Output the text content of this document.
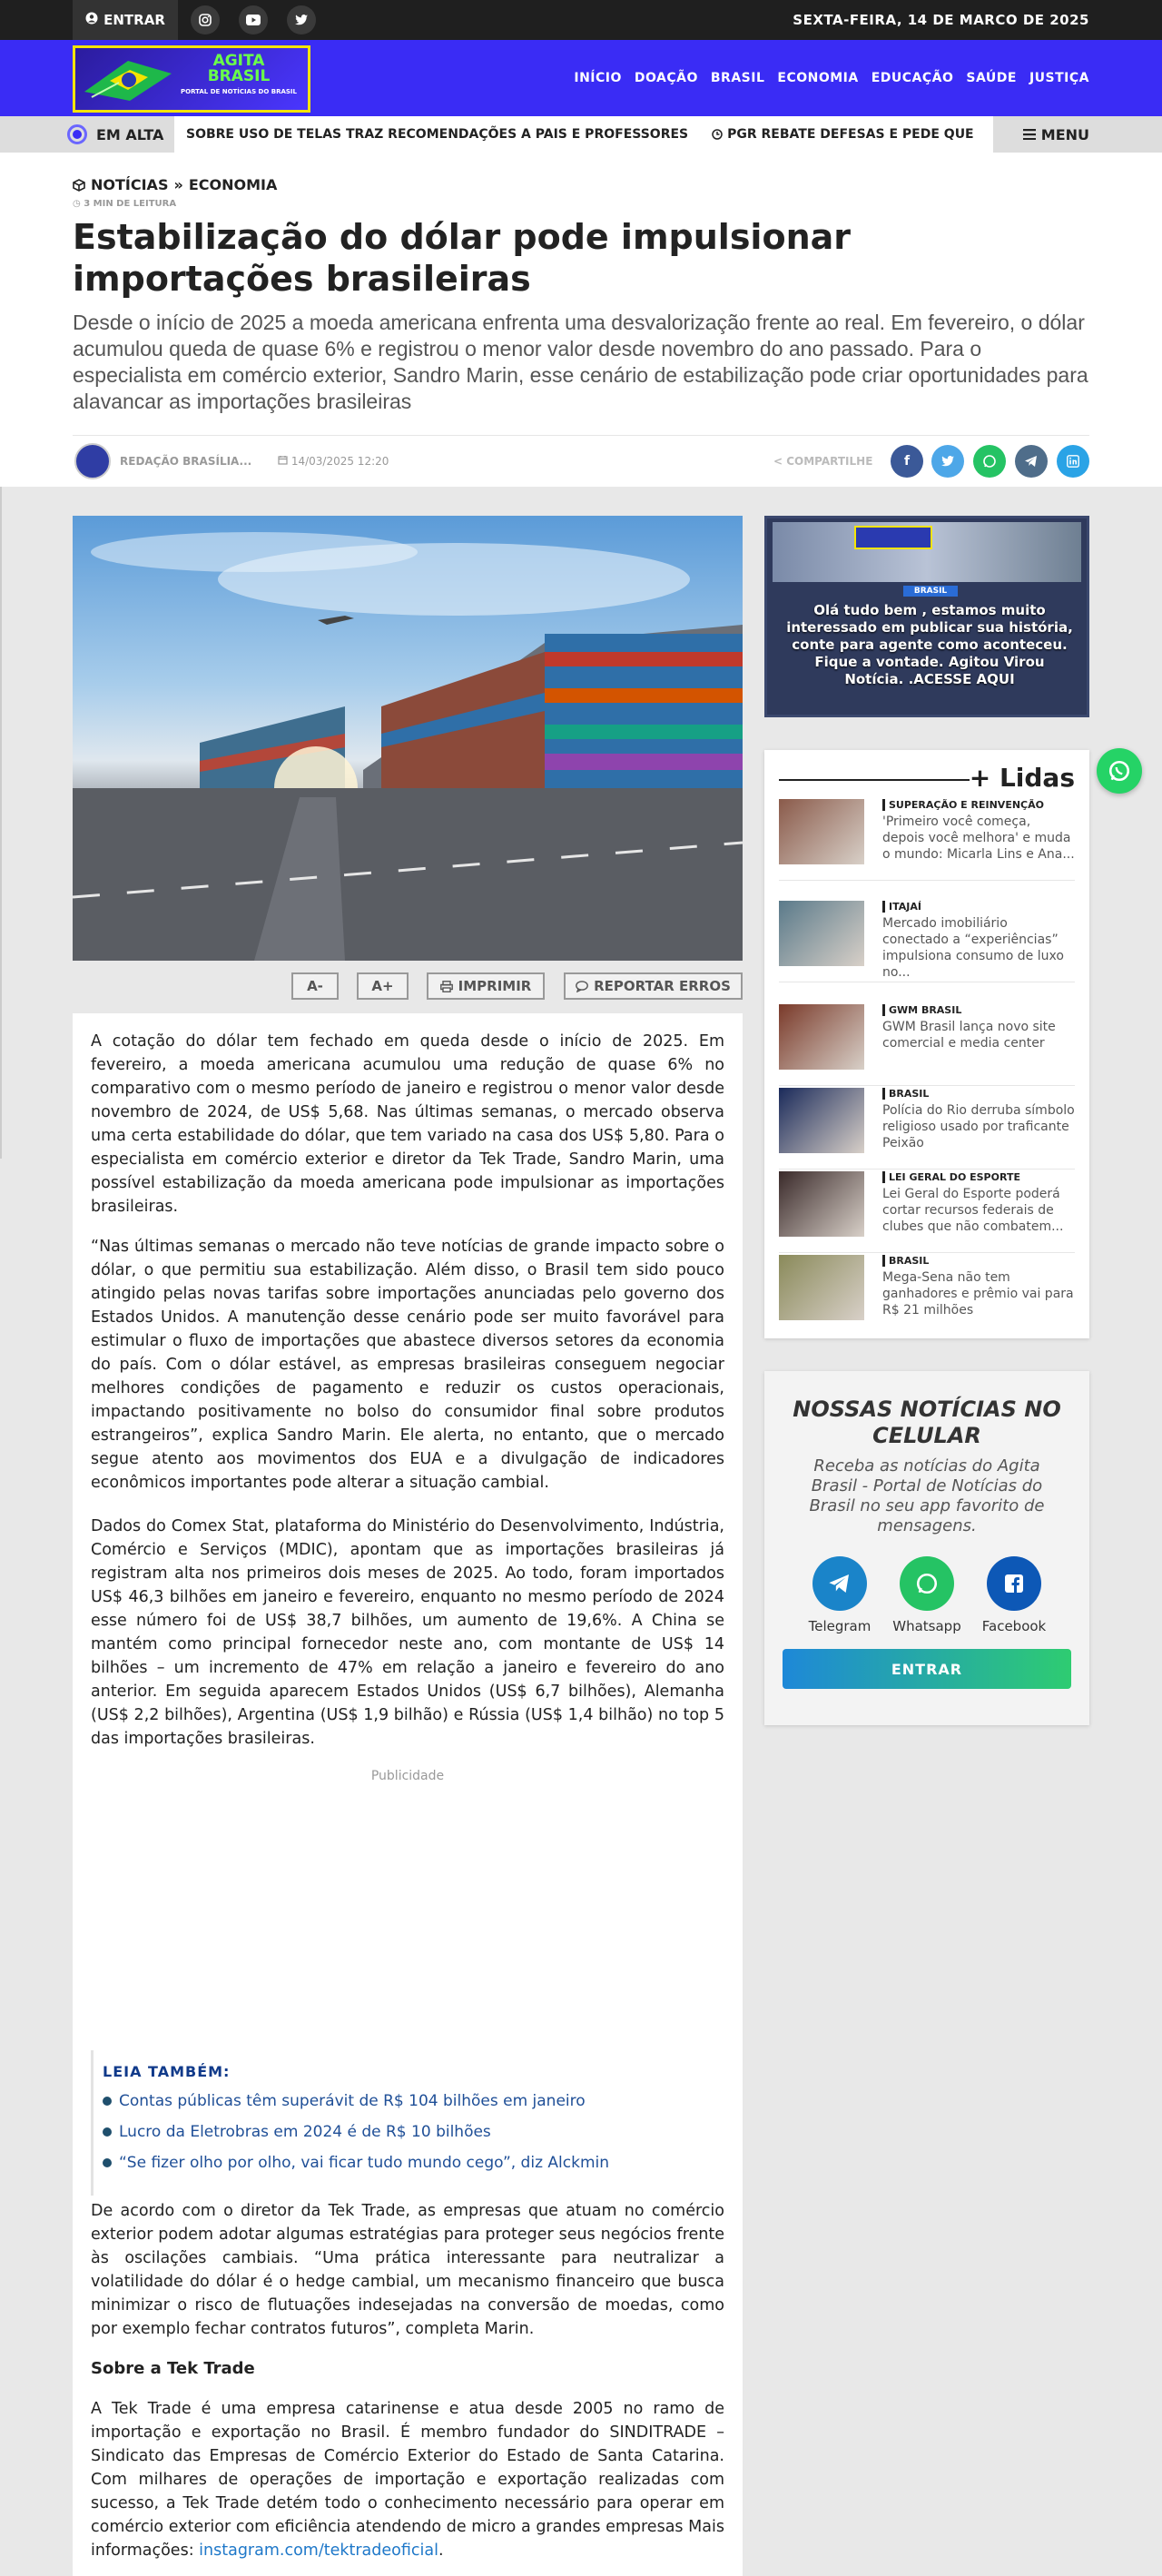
ENTRAR	SEXTA-FEIRA, 14 DE MARCO DE 2025
AGITA
BRASIL
PORTAL DE NOTÍCIAS DO BRASIL
INÍCIO DOAÇÃO BRASIL ECONOMIA EDUCAÇÃO SAÚDE JUSTIÇA
EM ALTA SOBRE USO DE TELAS TRAZ RECOMENDAÇÕES A PAIS E PROFESSORES	PGR REBATE DEFESAS E PEDE QUE	MENU
NOTÍCIAS » ECONOMIA
◷ 3 MIN DE LEITURA
Estabilização do dólar pode impulsionar importações brasileiras

Desde o início de 2025 a moeda americana enfrenta uma desvalorização frente ao real. Em fevereiro, o dólar acumulou queda de quase 6% e registrou o menor valor desde novembro do ano passado. Para o especialista em comércio exterior, Sandro Marin, esse cenário de estabilização pode criar oportunidades para alavancar as importações brasileiras

REDAÇÃO BRASÍLIA...	14/03/2025 12:20	< COMPARTILHE	f
A-	A+	IMPRIMIR	REPORTAR ERROS

A cotação do dólar tem fechado em queda desde o início de 2025. Em fevereiro, a moeda americana acumulou uma redução de quase 6% no comparativo com o mesmo período de janeiro e registrou o menor valor desde novembro de 2024, de US$ 5,68. Nas últimas semanas, o mercado observa uma certa estabilidade do dólar, que tem variado na casa dos US$ 5,80. Para o especialista em comércio exterior e diretor da Tek Trade, Sandro Marin, uma possível estabilização da moeda americana pode impulsionar as importações brasileiras.

“Nas últimas semanas o mercado não teve notícias de grande impacto sobre o dólar, o que permitiu sua estabilização. Além disso, o Brasil tem sido pouco atingido pelas novas tarifas sobre importações anunciadas pelo governo dos Estados Unidos. A manutenção desse cenário pode ser muito favorável para estimular o fluxo de importações que abastece diversos setores da economia do país. Com o dólar estável, as empresas brasileiras conseguem negociar melhores condições de pagamento e reduzir os custos operacionais, impactando positivamente no bolso do consumidor final sobre produtos estrangeiros”, explica Sandro Marin. Ele alerta, no entanto, que o mercado segue atento aos movimentos dos EUA e a divulgação de indicadores econômicos importantes pode alterar a situação cambial.

Dados do Comex Stat, plataforma do Ministério do Desenvolvimento, Indústria, Comércio e Serviços (MDIC), apontam que as importações brasileiras já registram alta nos primeiros dois meses de 2025. Ao todo, foram importados US$ 46,3 bilhões em janeiro e fevereiro, enquanto no mesmo período de 2024 esse número foi de US$ 38,7 bilhões, um aumento de 19,6%. A China se mantém como principal fornecedor neste ano, com montante de US$ 14 bilhões – um incremento de 47% em relação a janeiro e fevereiro do ano anterior. Em seguida aparecem Estados Unidos (US$ 6,7 bilhões), Alemanha (US$ 2,2 bilhões), Argentina (US$ 1,9 bilhão) e Rússia (US$ 1,4 bilhão) no top 5 das importações brasileiras.

Publicidade
LEIA TAMBÉM:
Contas públicas têm superávit de R$ 104 bilhões em janeiro
Lucro da Eletrobras em 2024 é de R$ 10 bilhões
“Se fizer olho por olho, vai ficar tudo mundo cego”, diz Alckmin

De acordo com o diretor da Tek Trade, as empresas que atuam no comércio exterior podem adotar algumas estratégias para proteger seus negócios frente às oscilações cambiais. “Uma prática interessante para neutralizar a volatilidade do dólar é o hedge cambial, um mecanismo financeiro que busca minimizar o risco de flutuações indesejadas na conversão de moedas, como por exemplo fechar contratos futuros”, completa Marin.

Sobre a Tek Trade

A Tek Trade é uma empresa catarinense e atua desde 2005 no ramo de importação e exportação no Brasil. É membro fundador do SINDITRADE – Sindicato das Empresas de Comércio Exterior do Estado de Santa Catarina. Com milhares de operações de importação e exportação realizadas com sucesso, a Tek Trade detém todo o conhecimento necessário para operar em comércio exterior com eficiência atendendo de micro a grandes empresas Mais informações: instagram.com/tektradeoficial.

BRASIL
Olá tudo bem , estamos muito interessado em publicar sua história, conte para agente como aconteceu. Fique a vontade. Agitou Virou Notícia. .ACESSE AQUI
+ Lidas
SUPERAÇÃO E REINVENÇÃO
'Primeiro você começa, depois você melhora' e muda o mundo: Micarla Lins e Ana...
ITAJAÍ
Mercado imobiliário conectado a “experiências” impulsiona consumo de luxo no...
GWM BRASIL
GWM Brasil lança novo site comercial e media center
BRASIL
Polícia do Rio derruba símbolo religioso usado por traficante Peixão
LEI GERAL DO ESPORTE
Lei Geral do Esporte poderá cortar recursos federais de clubes que não combatem...
BRASIL
Mega-Sena não tem ganhadores e prêmio vai para R$ 21 milhões
NOSSAS NOTÍCIAS NO CELULAR
Receba as notícias do Agita Brasil - Portal de Notícias do Brasil no seu app favorito de mensagens.
Telegram	Whatsapp	Facebook
ENTRAR
